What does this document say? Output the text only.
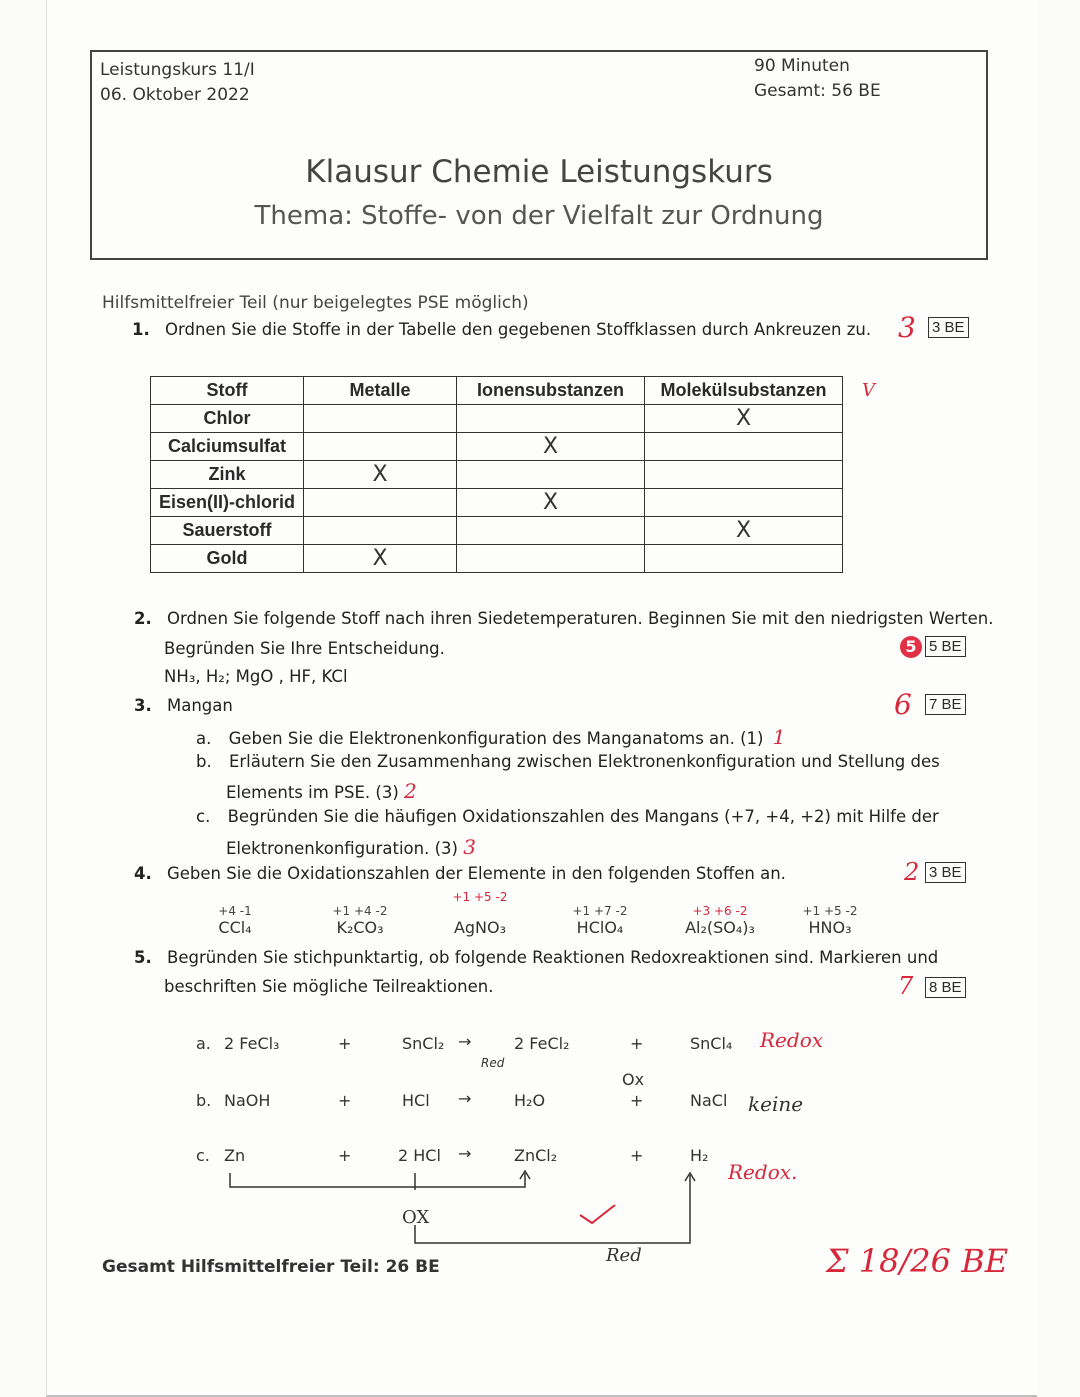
Leistungskurs 11/I
06. Oktober 2022
90 Minuten
Gesamt: 56 BE
Klausur Chemie Leistungskurs
Thema: Stoffe- von der Vielfalt zur Ordnung
Hilfsmittelfreier Teil (nur beigelegtes PSE möglich)
1. Ordnen Sie die Stoffe in der Tabelle den gegebenen Stoffklassen durch Ankreuzen zu. 3 3 BE
Stoff	Metalle	Ionensubstanzen	Molekülsubstanzen
Chlor			X
Calciumsulfat		X	
Zink	X		
Eisen(II)-chlorid		X	
Sauerstoff			X
Gold	X		
V
2. Ordnen Sie folgende Stoff nach ihren Siedetemperaturen. Beginnen Sie mit den niedrigsten Werten.
Begründen Sie Ihre Entscheidung.
NH₃, H₂; MgO , HF, KCl
5 5 BE
3. Mangan	6 7 BE
a. Geben Sie die Elektronenkonfiguration des Manganatoms an. (1) 1
b. Erläutern Sie den Zusammenhang zwischen Elektronenkonfiguration und Stellung des
Elements im PSE. (3) 2
c. Begründen Sie die häufigen Oxidationszahlen des Mangans (+7, +4, +2) mit Hilfe der
Elektronenkonfiguration. (3) 3
4. Geben Sie die Oxidationszahlen der Elemente in den folgenden Stoffen an.	2 3 BE
+4 -1
CCl₄
+1 +4 -2
K₂CO₃
+1 +5 -2
AgNO₃
+1 +7 -2
HClO₄
+3 +6 -2
Al₂(SO₄)₃
+1 +5 -2
HNO₃
5. Begründen Sie stichpunktartig, ob folgende Reaktionen Redoxreaktionen sind. Markieren und
beschriften Sie mögliche Teilreaktionen.	7 8 BE
a. 2 FeCl₃	+	SnCl₂ →	2 FeCl₂	+	SnCl₄ Redox
Red
Ox
b. NaOH	+	HCl →	H₂O	+	NaCl keine
c. Zn	+	2 HCl →	ZnCl₂	+	H₂
Redox.
OX
Red
Gesamt Hilfsmittelfreier Teil: 26 BE	Σ 18/26 BE
